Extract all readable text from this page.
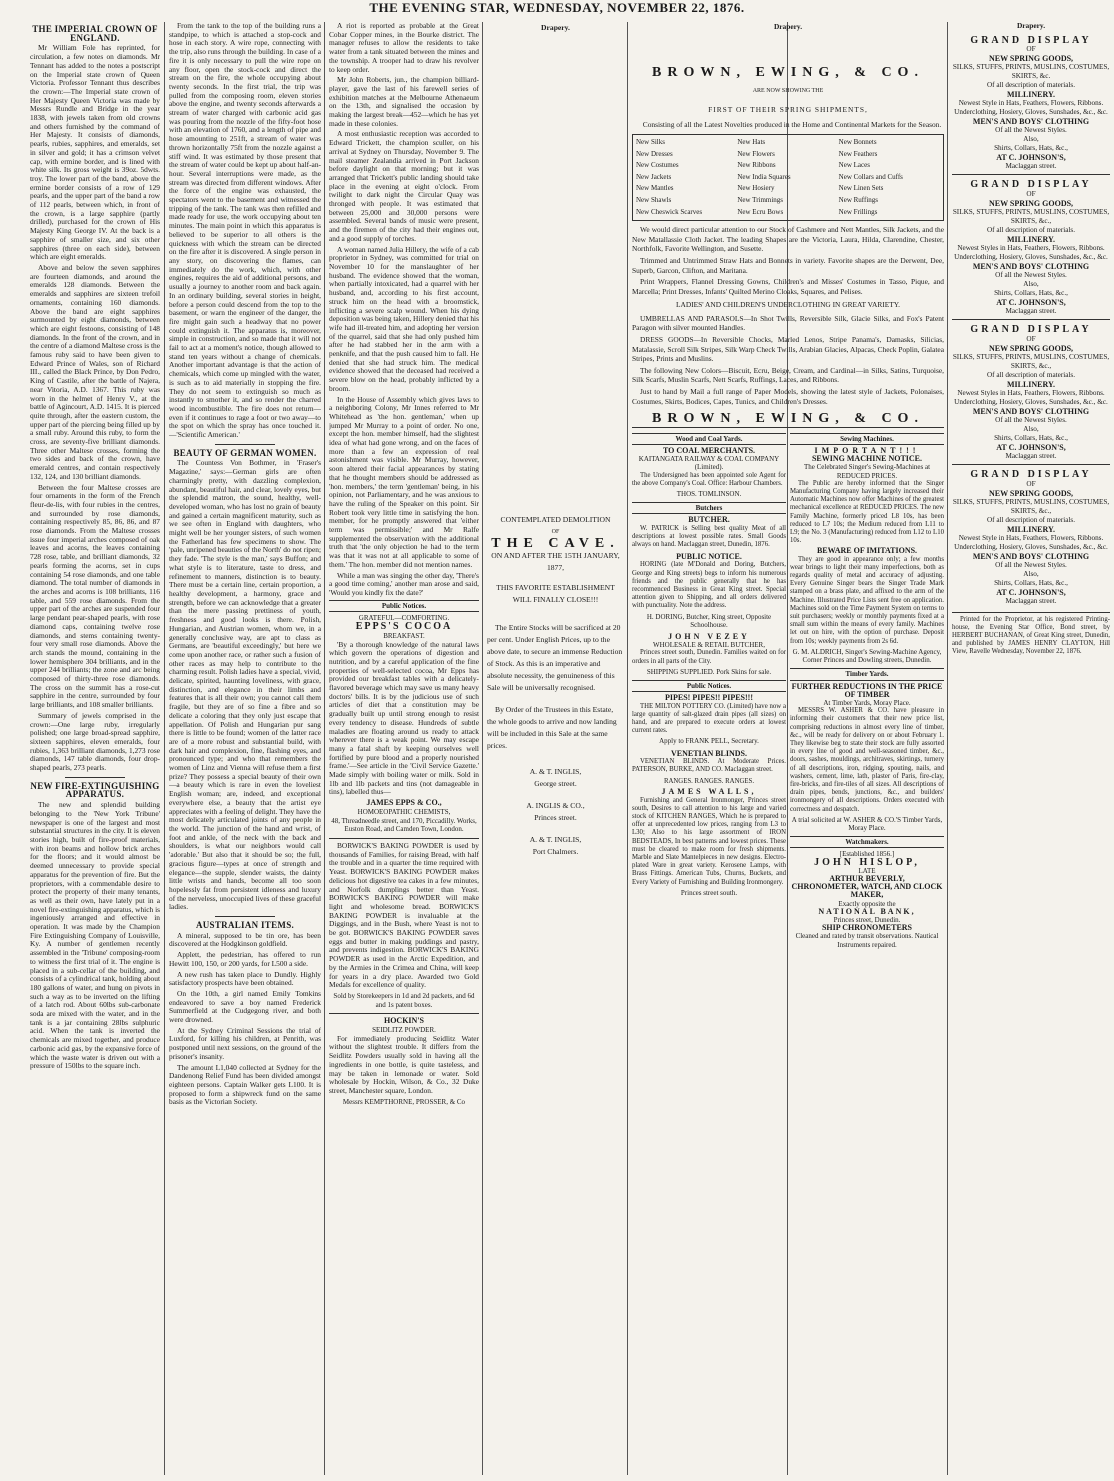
THE EVENING STAR, WEDNESDAY, NOVEMBER 22, 1876.
THE IMPERIAL CROWN OF ENGLAND.

Mr William Fole has reprinted, for circulation, a few notes on diamonds. Mr Tennant has added to the notes a postscript on the Imperial state crown of Queen Victoria. Professor Tennant thus describes the crown:—The Imperial state crown of Her Majesty Queen Victoria was made by Messrs Rundle and Bridge in the year 1838, with jewels taken from old crowns and others furnished by the command of Her Majesty. It consists of diamonds, pearls, rubies, sapphires, and emeralds, set in silver and gold; it has a crimson velvet cap, with ermine border, and is lined with white silk. Its gross weight is 39oz. 5dwts. troy. The lower part of the band, above the ermine border consists of a row of 129 pearls, and the upper part of the band a row of 112 pearls, between which, in front of the crown, is a large sapphire (partly drilled), purchased for the crown of His Majesty King George IV. At the back is a sapphire of smaller size, and six other sapphires (three on each side), between which are eight emeralds.

Above and below the seven sapphires are fourteen diamonds, and around the emeralds 128 diamonds. Between the emeralds and sapphires are sixteen trefoil ornaments, containing 160 diamonds. Above the band are eight sapphires surmounted by eight diamonds, between which are eight festoons, consisting of 148 diamonds. In the front of the crown, and in the centre of a diamond Maltese cross is the famous ruby said to have been given to Edward Prince of Wales, son of Richard III., called the Black Prince, by Don Pedro, King of Castile, after the battle of Najera, near Vitoria, A.D. 1367. This ruby was worn in the helmet of Henry V., at the battle of Agincourt, A.D. 1415. It is pierced quite through, after the eastern custom, the upper part of the piercing being filled up by a small ruby. Around this ruby, to form the cross, are seventy-five brilliant diamonds. Three other Maltese crosses, forming the two sides and back of the crown, have emerald centres, and contain respectively 132, 124, and 130 brilliant diamonds.

Between the four Maltese crosses are four ornaments in the form of the French fleur-de-lis, with four rubies in the centres, and surrounded by rose diamonds, containing respectively 85, 86, 86, and 87 rose diamonds. From the Maltese crosses issue four imperial arches composed of oak leaves and acorns, the leaves containing 728 rose, table, and brilliant diamonds, 32 pearls forming the acorns, set in cups containing 54 rose diamonds, and one table diamond. The total number of diamonds in the arches and acorns is 108 brilliants, 116 table, and 559 rose diamonds. From the upper part of the arches are suspended four large pendant pear-shaped pearls, with rose diamond caps, containing twelve rose diamonds, and stems containing twenty-four very small rose diamonds. Above the arch stands the mound, containing in the lower hemisphere 304 brilliants, and in the upper 244 brilliants; the zone and arc being composed of thirty-three rose diamonds. The cross on the summit has a rose-cut sapphire in the centre, surrounded by four large brilliants, and 108 smaller brilliants.

Summary of jewels comprised in the crown:—One large ruby, irregularly polished; one large broad-spread sapphire, sixteen sapphires, eleven emeralds, four rubies, 1,363 brilliant diamonds, 1,273 rose diamonds, 147 table diamonds, four drop-shaped pearls, 273 pearls.

NEW FIRE-EXTINGUISHING APPARATUS.

The new and splendid building belonging to the 'New York Tribune' newspaper is one of the largest and most substantial structures in the city. It is eleven stories high, built of fire-proof materials, with iron beams and hollow brick arches for the floors; and it would almost be deemed unnecessary to provide special apparatus for the prevention of fire. But the proprietors, with a commendable desire to protect the property of their many tenants, as well as their own, have lately put in a novel fire-extinguishing apparatus, which is ingeniously arranged and effective in operation. It was made by the Champion Fire Extinguishing Company of Louisville, Ky. A number of gentlemen recently assembled in the 'Tribune' composing-room to witness the first trial of it. The engine is placed in a sub-cellar of the building, and consists of a cylindrical tank, holding about 180 gallons of water, and hung on pivots in such a way as to be inverted on the lifting of a latch rod. About 60lbs sub-carbonate soda are mixed with the water, and in the tank is a jar containing 28lbs sulphuric acid. When the tank is inverted the chemicals are mixed together, and produce carbonic acid gas, by the expansive force of which the waste water is driven out with a pressure of 150lbs to the square inch.

From the tank to the top of the building runs a standpipe, to which is attached a stop-cock and hose in each story. A wire rope, connecting with the trip, also runs through the building. In case of a fire it is only necessary to pull the wire rope on any floor, open the stock-cock and direct the stream on the fire, the whole occupying about twenty seconds. In the first trial, the trip was pulled from the composing room, eleven stories above the engine, and twenty seconds afterwards a stream of water charged with carbonic acid gas was pouring from the nozzle of the fifty-foot hose with an elevation of 1760, and a length of pipe and hose amounting to 251ft, a stream of water was thrown horizontally 75ft from the nozzle against a stiff wind. It was estimated by those present that the stream of water could be kept up about half-an-hour. Several interruptions were made, as the stream was directed from different windows. After the force of the engine was exhausted, the spectators went to the basement and witnessed the tripping of the tank. The tank was then refilled and made ready for use, the work occupying about ten minutes. The main point in which this apparatus is believed to be superior to all others is the quickness with which the stream can be directed on the fire after it is discovered. A single person in any story, on discovering the flames, can immediately do the work, which, with other engines, requires the aid of additional persons, and usually a journey to another room and back again. In an ordinary building, several stories in height, before a person could descend from the top to the basement, or warn the engineer of the danger, the fire might gain such a headway that no power could extinguish it. The apparatus is, moreover, simple in construction, and so made that it will not fail to act at a moment's notice, though allowed to stand ten years without a change of chemicals. Another important advantage is that the action of chemicals, which come up mingled with the water, is such as to aid materially in stopping the fire. They do not seem to extinguish so much as instantly to smother it, and so render the charred wood incombustible. The fire does not return—even if it continues to rage a foot or two away—to the spot on which the spray has once touched it.—'Scientific American.'

BEAUTY OF GERMAN WOMEN.

The Countess Von Bothmer, in 'Fraser's Magazine,' says:—German girls are often charmingly pretty, with dazzling complexion, abundant, beautiful hair, and clear, lovely eyes, but the splendid matron, the sound, healthy, well-developed woman, who has lost no grain of beauty and gained a certain magnificent maturity, such as we see often in England with daughters, who might well be her younger sisters, of such women the Fatherland has few specimens to show. The 'pale, unripened beauties of the North' do not ripen; they fade. 'The style is the man,' says Buffon; and what style is to literature, taste to dress, and refinement to manners, distinction is to beauty. There must be a certain line, certain proportion, a healthy development, a harmony, grace and strength, before we can acknowledge that a greater than the mere passing prettiness of youth, freshness and good looks is there. Polish, Hungarian, and Austrian women, whom we, in a generally conclusive way, are apt to class as Germans, are 'beautiful exceedingly,' but here we come upon another race, or rather such a fusion of other races as may help to contribute to the charming result. Polish ladies have a special, vivid, delicate, spirited, haunting loveliness, with grace, distinction, and elegance in their limbs and features that is all their own; you cannot call them fragile, but they are of so fine a fibre and so delicate a coloring that they only just escape that appellation. Of Polish and Hungarian pur sang there is little to be found; women of the latter race are of a more robust and substantial build, with dark hair and complexion, fine, flashing eyes, and pronounced type; and who that remembers the women of Linz and Vienna will refuse them a first prize? They possess a special beauty of their own—a beauty which is rare in even the loveliest English woman; are, indeed, and exceptional everywhere else, a beauty that the artist eye appreciates with a feeling of delight. They have the most delicately articulated joints of any people in the world. The junction of the hand and wrist, of foot and ankle, of the neck with the back and shoulders, is what our neighbors would call 'adorable.' But also that it should be so; the full, gracious figure—types at once of strength and elegance—the supple, slender waists, the dainty little wrists and hands, become all too soon hopelessly fat from persistent idleness and luxury of the nerveless, unoccupied lives of these graceful ladies.

AUSTRALIAN ITEMS.

A mineral, supposed to be tin ore, has been discovered at the Hodgkinson goldfield.

Applett, the pedestrian, has offered to run Hewitt 100, 150, or 200 yards, for L500 a side.

A new rush has taken place to Dundly. Highly satisfactory prospects have been obtained.

On the 10th, a girl named Emily Tomkins endeavored to save a boy named Frederick Summerfield at the Cudgegong river, and both were drowned.

At the Sydney Criminal Sessions the trial of Luxford, for killing his children, at Penrith, was postponed until next sessions, on the ground of the prisoner's insanity.

The amount L1,040 collected at Sydney for the Dandenong Relief Fund has been divided amongst eighteen persons. Captain Walker gets L100. It is proposed to form a shipwreck fund on the same basis as the Victorian Society.

A riot is reported as probable at the Great Cobar Copper mines, in the Bourke district. The manager refuses to allow the residents to take water from a tank situated between the mines and the township. A trooper had to draw his revolver to keep order.

Mr John Roberts, jun., the champion billiard-player, gave the last of his farewell series of exhibition matches at the Melbourne Athenaeum on the 13th, and signalised the occasion by making the largest break—452—which he has yet made in these colonies.

A most enthusiastic reception was accorded to Edward Trickett, the champion sculler, on his arrival at Sydney on Thursday, November 9. The mail steamer Zealandia arrived in Port Jackson before daylight on that morning; but it was arranged that Trickett's public landing should take place in the evening at eight o'clock. From twilight to dark night the Circular Quay was thronged with people. It was estimated that between 25,000 and 30,000 persons were assembled. Several bands of music were present, and the firemen of the city had their engines out, and a good supply of torches.

A woman named Julia Hillery, the wife of a cab proprietor in Sydney, was committed for trial on November 10 for the manslaughter of her husband. The evidence showed that the woman, when partially intoxicated, had a quarrel with her husband, and, according to his first account, struck him on the head with a broomstick, inflicting a severe scalp wound. When his dying deposition was being taken, Hillery denied that his wife had ill-treated him, and adopting her version of the quarrel, said that she had only pushed him after he had stabbed her in the arm with a penknife, and that the push caused him to fall. He denied that she had struck him. The medical evidence showed that the deceased had received a severe blow on the head, probably inflicted by a broom.

In the House of Assembly which gives laws to a neighboring Colony, Mr Innes referred to Mr Whitehead as 'the hon. gentleman,' when up jumped Mr Murray to a point of order. No one, except the hon. member himself, had the slightest idea of what had gone wrong, and on the faces of more than a few an expression of real astonishment was visible. Mr Murray, however, soon altered their facial appearances by stating that he thought members should be addressed as 'hon. members,' the term 'gentleman' being, in his opinion, not Parliamentary, and he was anxious to have the ruling of the Speaker on this point. Sir Robert took very little time in satisfying the hon. member, for he promptly answered that 'either term was permissible;' and Mr Ralfe supplemented the observation with the additional truth that 'the only objection he had to the term was that it was not at all applicable to some of them.' The hon. member did not mention names.

While a man was singing the other day, 'There's a good time coming,' another man arose and said, 'Would you kindly fix the date?'

Public Notices.
GRATEFUL—COMFORTING.
EPPS'S COCOA
BREAKFAST.

'By a thorough knowledge of the natural laws which govern the operations of digestion and nutrition, and by a careful application of the fine properties of well-selected cocoa, Mr Epps has provided our breakfast tables with a delicately-flavored beverage which may save us many heavy doctors' bills. It is by the judicious use of such articles of diet that a constitution may be gradually built up until strong enough to resist every tendency to disease. Hundreds of subtle maladies are floating around us ready to attack wherever there is a weak point. We may escape many a fatal shaft by keeping ourselves well fortified by pure blood and a properly nourished frame.'—See article in the 'Civil Service Gazette.' Made simply with boiling water or milk. Sold in 1lb and 1lb packets and tins (not damageable in tins), labelled thus—

JAMES EPPS & CO.,
HOMOEOPATHIC CHEMISTS,
48, Threadneedle street, and 170, Piccadilly. Works, Euston Road, and Camden Town, London.

BORWICK'S BAKING POWDER is used by thousands of Families, for raising Bread, with half the trouble and in a quarter the time required with Yeast. BORWICK'S BAKING POWDER makes delicious hot digestive tea cakes in a few minutes, and Norfolk dumplings better than Yeast. BORWICK'S BAKING POWDER will make light and wholesome bread. BORWICK'S BAKING POWDER is invaluable at the Diggings, and in the Bush, where Yeast is not to be got. BORWICK'S BAKING POWDER saves eggs and butter in making puddings and pastry, and prevents indigestion. BORWICK'S BAKING POWDER as used in the Arctic Expedition, and by the Armies in the Crimea and China, will keep for years in a dry place. Awarded two Gold Medals for excellence of quality.

Sold by Storekeepers in 1d and 2d packets, and 6d and 1s patent boxes.
HOCKIN'S
SEIDLITZ POWDER.

For immediately producing Seidlitz Water without the slightest trouble. It differs from the Seidlitz Powders usually sold in having all the ingredients in one bottle, is quite tasteless, and may be taken in lemonade or water. Sold wholesale by Hockin, Wilson, & Co., 32 Duke street, Manchester square, London.

Messrs KEMPTHORNE, PROSSER, & Co
Drapery.
CONTEMPLATED DEMOLITION
OF
THE CAVE.
ON AND AFTER THE 15TH JANUARY, 1877,
THIS FAVORITE ESTABLISHMENT
WILL FINALLY CLOSE!!!

The Entire Stocks will be sacrificed at 20 per cent. Under English Prices, up to the above date, to secure an immense Reduction of Stock. As this is an imperative and absolute necessity, the genuineness of this Sale will be universally recognised.

By Order of the Trustees in this Estate, the whole goods to arrive and now landing will be included in this Sale at the same prices.

A. & T. INGLIS,
George street.
A. INGLIS & CO.,
Princes street.
A. & T. INGLIS,
Port Chalmers.
Drapery.
BROWN, EWING, & CO.
ARE NOW SHOWING THE
FIRST OF THEIR SPRING SHIPMENTS,

Consisting of all the Latest Novelties produced in the Home and Continental Markets for the Season.

New Silks	New Hats	New Bonnets
New Dresses	New Flowers	New Feathers
New Costumes	New Ribbons	New Laces
New Jackets	New India Squares	New Collars and Cuffs
New Mantles	New Hosiery	New Linen Sets
New Shawls	New Trimmings	New Ruffings
New Cheswick Scarves	New Ecru Bows	New Frillings

We would direct particular attention to our Stock of Cashmere and Nett Mantles, Silk Jackets, and the New Matallassie Cloth Jacket. The leading Shapes are the Victoria, Laura, Hilda, Clarendine, Chester, Northfolk, Favorite Wellington, and Susette.

Trimmed and Untrimmed Straw Hats and Bonnets in variety. Favorite shapes are the Derwent, Dee, Superb, Garcon, Clifton, and Maritana.

Print Wrappers, Flannel Dressing Gowns, Children's and Misses' Costumes in Tasso, Pique, and Marcella; Print Dresses, Infants' Quilted Merino Cloaks, Squares, and Pelises.

LADIES' AND CHILDREN'S UNDERCLOTHING IN GREAT VARIETY.

UMBRELLAS AND PARASOLS—In Shot Twills, Reversible Silk, Glacie Silks, and Fox's Patent Paragon with silver mounted Handles.

DRESS GOODS—In Reversible Chocks, Marled Lenos, Stripe Panama's, Damasks, Silicias, Matalassie, Scroll Silk Stripes, Silk Warp Check Twills, Arabian Glacies, Alpacas, Check Poplin, Galatea Stripes, Prints and Muslins.

The following New Colors—Biscuit, Ecru, Beige, Cream, and Cardinal—in Silks, Satins, Turquoise, Silk Scarfs, Muslin Scarfs, Nett Scarfs, Ruffings, Laces, and Ribbons.

Just to hand by Mail a full range of Paper Models, showing the latest style of Jackets, Polonaises, Costumes, Skirts, Bodices, Capes, Tunics, and Children's Dresses.

BROWN, EWING, & CO.
Wood and Coal Yards.
TO COAL MERCHANTS.
KAITANGATA RAILWAY & COAL COMPANY (Limited).

The Undersigned has been appointed sole Agent for the above Company's Coal. Office: Harbour Chambers.

THOS. TOMLINSON.
Butchers
BUTCHER.

W. PATRICK is Selling best quality Meat of all descriptions at lowest possible rates. Small Goods always on hand. Maclaggan street, Dunedin, 1876.

PUBLIC NOTICE.

HORING (late M'Donald and Doring, Butchers, George and King streets) begs to inform his numerous friends and the public generally that he has recommenced Business in Great King street. Special attention given to Shipping, and all orders delivered with punctuality. Note the address.

H. DORING, Butcher, King street, Opposite Schoolhouse.
JOHN VEZEY
WHOLESALE & RETAIL BUTCHER,

Princes street south, Dunedin. Families waited on for orders in all parts of the City.

SHIPPING SUPPLIED. Pork Skins for sale.
Public Notices.
PIPES! PIPES!! PIPES!!!

THE MILTON POTTERY CO. (Limited) have now a large quantity of salt-glazed drain pipes (all sizes) on hand, and are prepared to execute orders at lowest current rates.

Apply to FRANK PELL, Secretary.
VENETIAN BLINDS.

VENETIAN BLINDS. At Moderate Prices. PATERSON, BURKE, AND CO. Maclaggan street.

RANGES. RANGES. RANGES.
JAMES WALLS,

Furnishing and General Ironmonger, Princes street south, Desires to call attention to his large and varied stock of KITCHEN RANGES, Which he is prepared to offer at unprecedented low prices, ranging from L3 to L30; Also to his large assortment of IRON BEDSTEADS, In best patterns and lowest prices. These must be cleared to make room for fresh shipments. Marble and Slate Mantelpieces in new designs. Electro-plated Ware in great variety. Kerosene Lamps, with Brass Fittings. American Tubs, Churns, Buckets, and Every Variety of Furnishing and Building Ironmongery.

Princes street south.
Sewing Machines.
IMPORTANT!!!
SEWING MACHINE NOTICE.
The Celebrated Singer's Sewing-Machines at REDUCED PRICES.

The Public are hereby informed that the Singer Manufacturing Company having largely increased their Automatic Machines now offer Machines of the greatest mechanical excellence at REDUCED PRICES. The new Family Machine, formerly priced L8 10s, has been reduced to L7 10s; the Medium reduced from L11 to L9; the No. 3 (Manufacturing) reduced from L12 to L10 10s.

BEWARE OF IMITATIONS.

They are good in appearance only; a few months wear brings to light their many imperfections, both as regards quality of metal and accuracy of adjusting. Every Genuine Singer bears the Singer Trade Mark stamped on a brass plate, and affixed to the arm of the Machine. Illustrated Price Lists sent free on application. Machines sold on the Time Payment System on terms to suit purchasers; weekly or monthly payments fixed at a small sum within the means of every family. Machines let out on hire, with the option of purchase. Deposit from 10s; weekly payments from 2s 6d.

G. M. ALDRICH, Singer's Sewing-Machine Agency, Corner Princes and Dowling streets, Dunedin.
Timber Yards.
FURTHER REDUCTIONS IN THE PRICE OF TIMBER
At Timber Yards, Moray Place.

MESSRS W. ASHER & CO. have pleasure in informing their customers that their new price list, comprising reductions in almost every line of timber, &c., will be ready for delivery on or about February 1. They likewise beg to state their stock are fully assorted in every line of good and well-seasoned timber, &c., doors, sashes, mouldings, architraves, skirtings, turnery of all descriptions, iron, ridging, spouting, nails, and washers, cement, lime, lath, plaster of Paris, fire-clay, fire-bricks, and fire-tiles of all sizes. All descriptions of drain pipes, bends, junctions, &c., and builders' ironmongery of all descriptions. Orders executed with correctness and despatch.

A trial solicited at W. ASHER & CO.'S Timber Yards, Moray Place.
Watchmakers.
[Established 1856.]
JOHN HISLOP,
LATE
ARTHUR BEVERLY,
CHRONOMETER, WATCH, AND CLOCK MAKER,
Exactly opposite the
NATIONAL BANK,
Princes street, Dunedin.
SHIP CHRONOMETERS
Cleaned and rated by transit observations. Nautical Instruments repaired.
Drapery.
GRAND DISPLAY
OF
NEW SPRING GOODS,
SILKS, STUFFS, PRINTS, MUSLINS, COSTUMES, SKIRTS, &c.
Of all description of materials.
MILLINERY.
Newest Style in Hats, Feathers, Flowers, Ribbons.
Underclothing, Hosiery, Gloves, Sunshades, &c., &c.
MEN'S AND BOYS' CLOTHING
Of all the Newest Styles.
Also,
Shirts, Collars, Hats, &c.,
AT C. JOHNSON'S,
Maclaggan street.
GRAND DISPLAY
OF
NEW SPRING GOODS,
SILKS, STUFFS, PRINTS, MUSLINS, COSTUMES, SKIRTS, &c.,
Of all description of materials.
MILLINERY.
Newest Styles in Hats, Feathers, Flowers, Ribbons.
Underclothing, Hosiery, Gloves, Sunshades, &c., &c.
MEN'S AND BOYS' CLOTHING
Of all the Newest Styles.
Also,
Shirts, Collars, Hats, &c.,
AT C. JOHNSON'S,
Maclaggan street.
GRAND DISPLAY
OF
NEW SPRING GOODS,
SILKS, STUFFS, PRINTS, MUSLINS, COSTUMES, SKIRTS, &c.,
Of all description of materials.
MILLINERY.
Newest Styles in Hats, Feathers, Flowers, Ribbons.
Underclothing, Hosiery, Gloves, Sunshades, &c., &c.
MEN'S AND BOYS' CLOTHING
Of all the Newest Styles.
Also,
Shirts, Collars, Hats, &c.,
AT C. JOHNSON'S,
Maclaggan street.
GRAND DISPLAY
OF
NEW SPRING GOODS,
SILKS, STUFFS, PRINTS, MUSLINS, COSTUMES, SKIRTS, &c.,
Of all description of materials.
MILLINERY.
Newest Style in Hats, Feathers, Flowers, Ribbons.
Underclothing, Hosiery, Gloves, Sunshades, &c., &c.
MEN'S AND BOYS' CLOTHING
Of all the Newest Styles.
Also,
Shirts, Collars, Hats, &c.,
AT C. JOHNSON'S,
Maclaggan street.

Printed for the Proprietor, at his registered Printing-house, the Evening Star Office, Bond street, by HERBERT BUCHANAN, of Great King street, Dunedin, and published by JAMES HENRY CLAYTON, Hill View, Ravelle Wednesday, November 22, 1876.
